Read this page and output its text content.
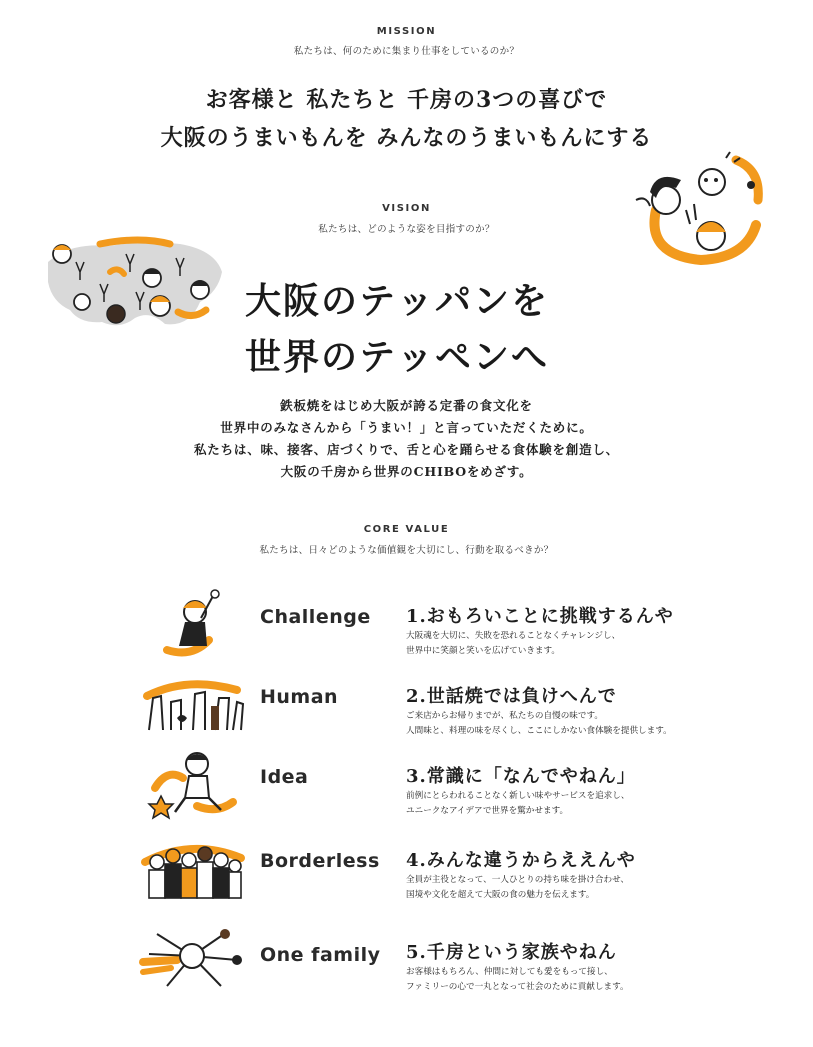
MISSION
私たちは、何のために集まり仕事をしているのか？
お客様と 私たちと 千房の3つの喜びで
大阪のうまいもんを みんなのうまいもんにする
VISION
私たちは、どのような姿を目指すのか？
大阪のテッパンを
世界のテッペンへ
鉄板焼をはじめ大阪が誇る定番の食文化を
世界中のみなさんから「うまい！」と言っていただくために。
私たちは、味、接客、店づくりで、舌と心を踊らせる食体験を創造し、
大阪の千房から世界のCHIBOをめざす。
CORE VALUE
私たちは、日々どのような価値観を大切にし、行動を取るべきか？
Challenge 1.おもろいことに挑戦するんや
大阪魂を大切に、失敗を恐れることなくチャレンジし、
世界中に笑顔と笑いを広げていきます。
Human	2.世話焼では負けへんで
ご来店からお帰りまでが、私たちの自慢の味です。
人間味と、料理の味を尽くし、ここにしかない食体験を提供します。
Idea	3.常識に「なんでやねん」
前例にとらわれることなく新しい味やサービスを追求し、
ユニークなアイデアで世界を驚かせます。
Borderless 4.みんな違うからええんや
全員が主役となって、一人ひとりの持ち味を掛け合わせ、
国境や文化を超えて大阪の食の魅力を伝えます。
One family 5.千房という家族やねん
お客様はもちろん、仲間に対しても愛をもって接し、
ファミリーの心で一丸となって社会のために貢献します。
